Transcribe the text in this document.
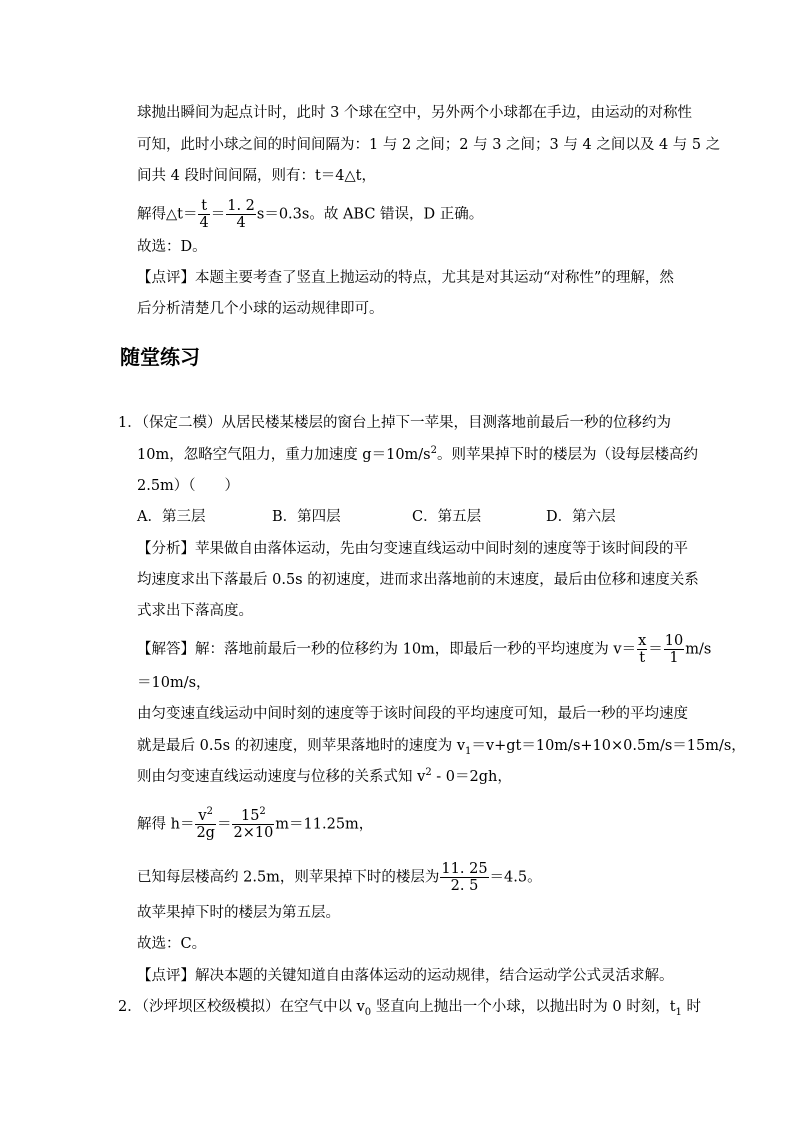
球抛出瞬间为起点计时，此时 3 个球在空中，另外两个小球都在手边，由运动的对称性
可知，此时小球之间的时间间隔为：1 与 2 之间；2 与 3 之间；3 与 4 之间以及 4 与 5 之
间共 4 段时间间隔，则有：t＝4△t，
解得△t＝ $\frac{t}{4} = \frac{1. 2}{4} s=0.3s$。故 ABC 错误，D 正确。
故选：D。
【点评】本题主要考查了竖直上抛运动的特点，尤其是对其运动“对称性”的理解，然
后分析清楚几个小球的运动规律即可。
随堂练习
1．（保定二模）从居民楼某楼层的窗台上掉下一苹果，目测落地前最后一秒的位移约为
10m，忽略空气阻力，重力加速度 $g=10m/s^2$。则苹果掉下时的楼层为（设每层楼高约
2.5m）（　　）
A．第三层	B．第四层	C．第五层	D．第六层
【分析】苹果做自由落体运动，先由匀变速直线运动中间时刻的速度等于该时间段的平
均速度求出下落最后 0.5s 的初速度，进而求出落地前的末速度，最后由位移和速度关系
式求出下落高度。
【解答】解：落地前最后一秒的位移约为 10m，即最后一秒的平均速度为 $v= \frac{x}{t} = \frac{10}{1} m/s$
＝10m/s，
由匀变速直线运动中间时刻的速度等于该时间段的平均速度可知，最后一秒的平均速度
就是最后 0.5s 的初速度，则苹果落地时的速度为 $v_1=v+gt=10m/s+10\times 0.5m/s=15m/s$，
则由匀变速直线运动速度与位移的关系式知 $v^2 - 0=2gh$，
解得 $h= \frac{v^2}{2g} = \frac{15^2}{2\times 10} m=11.25m$，
已知每层楼高约 2.5m，则苹果掉下时的楼层为 $\frac{11. 25}{2. 5} =4.5$。
故苹果掉下时的楼层为第五层。
故选：C。
【点评】解决本题的关键知道自由落体运动的运动规律，结合运动学公式灵活求解。
2．（沙坪坝区校级模拟）在空气中以 $v_0$ 竖直向上抛出一个小球，以抛出时为 0 时刻，$t_1$ 时
